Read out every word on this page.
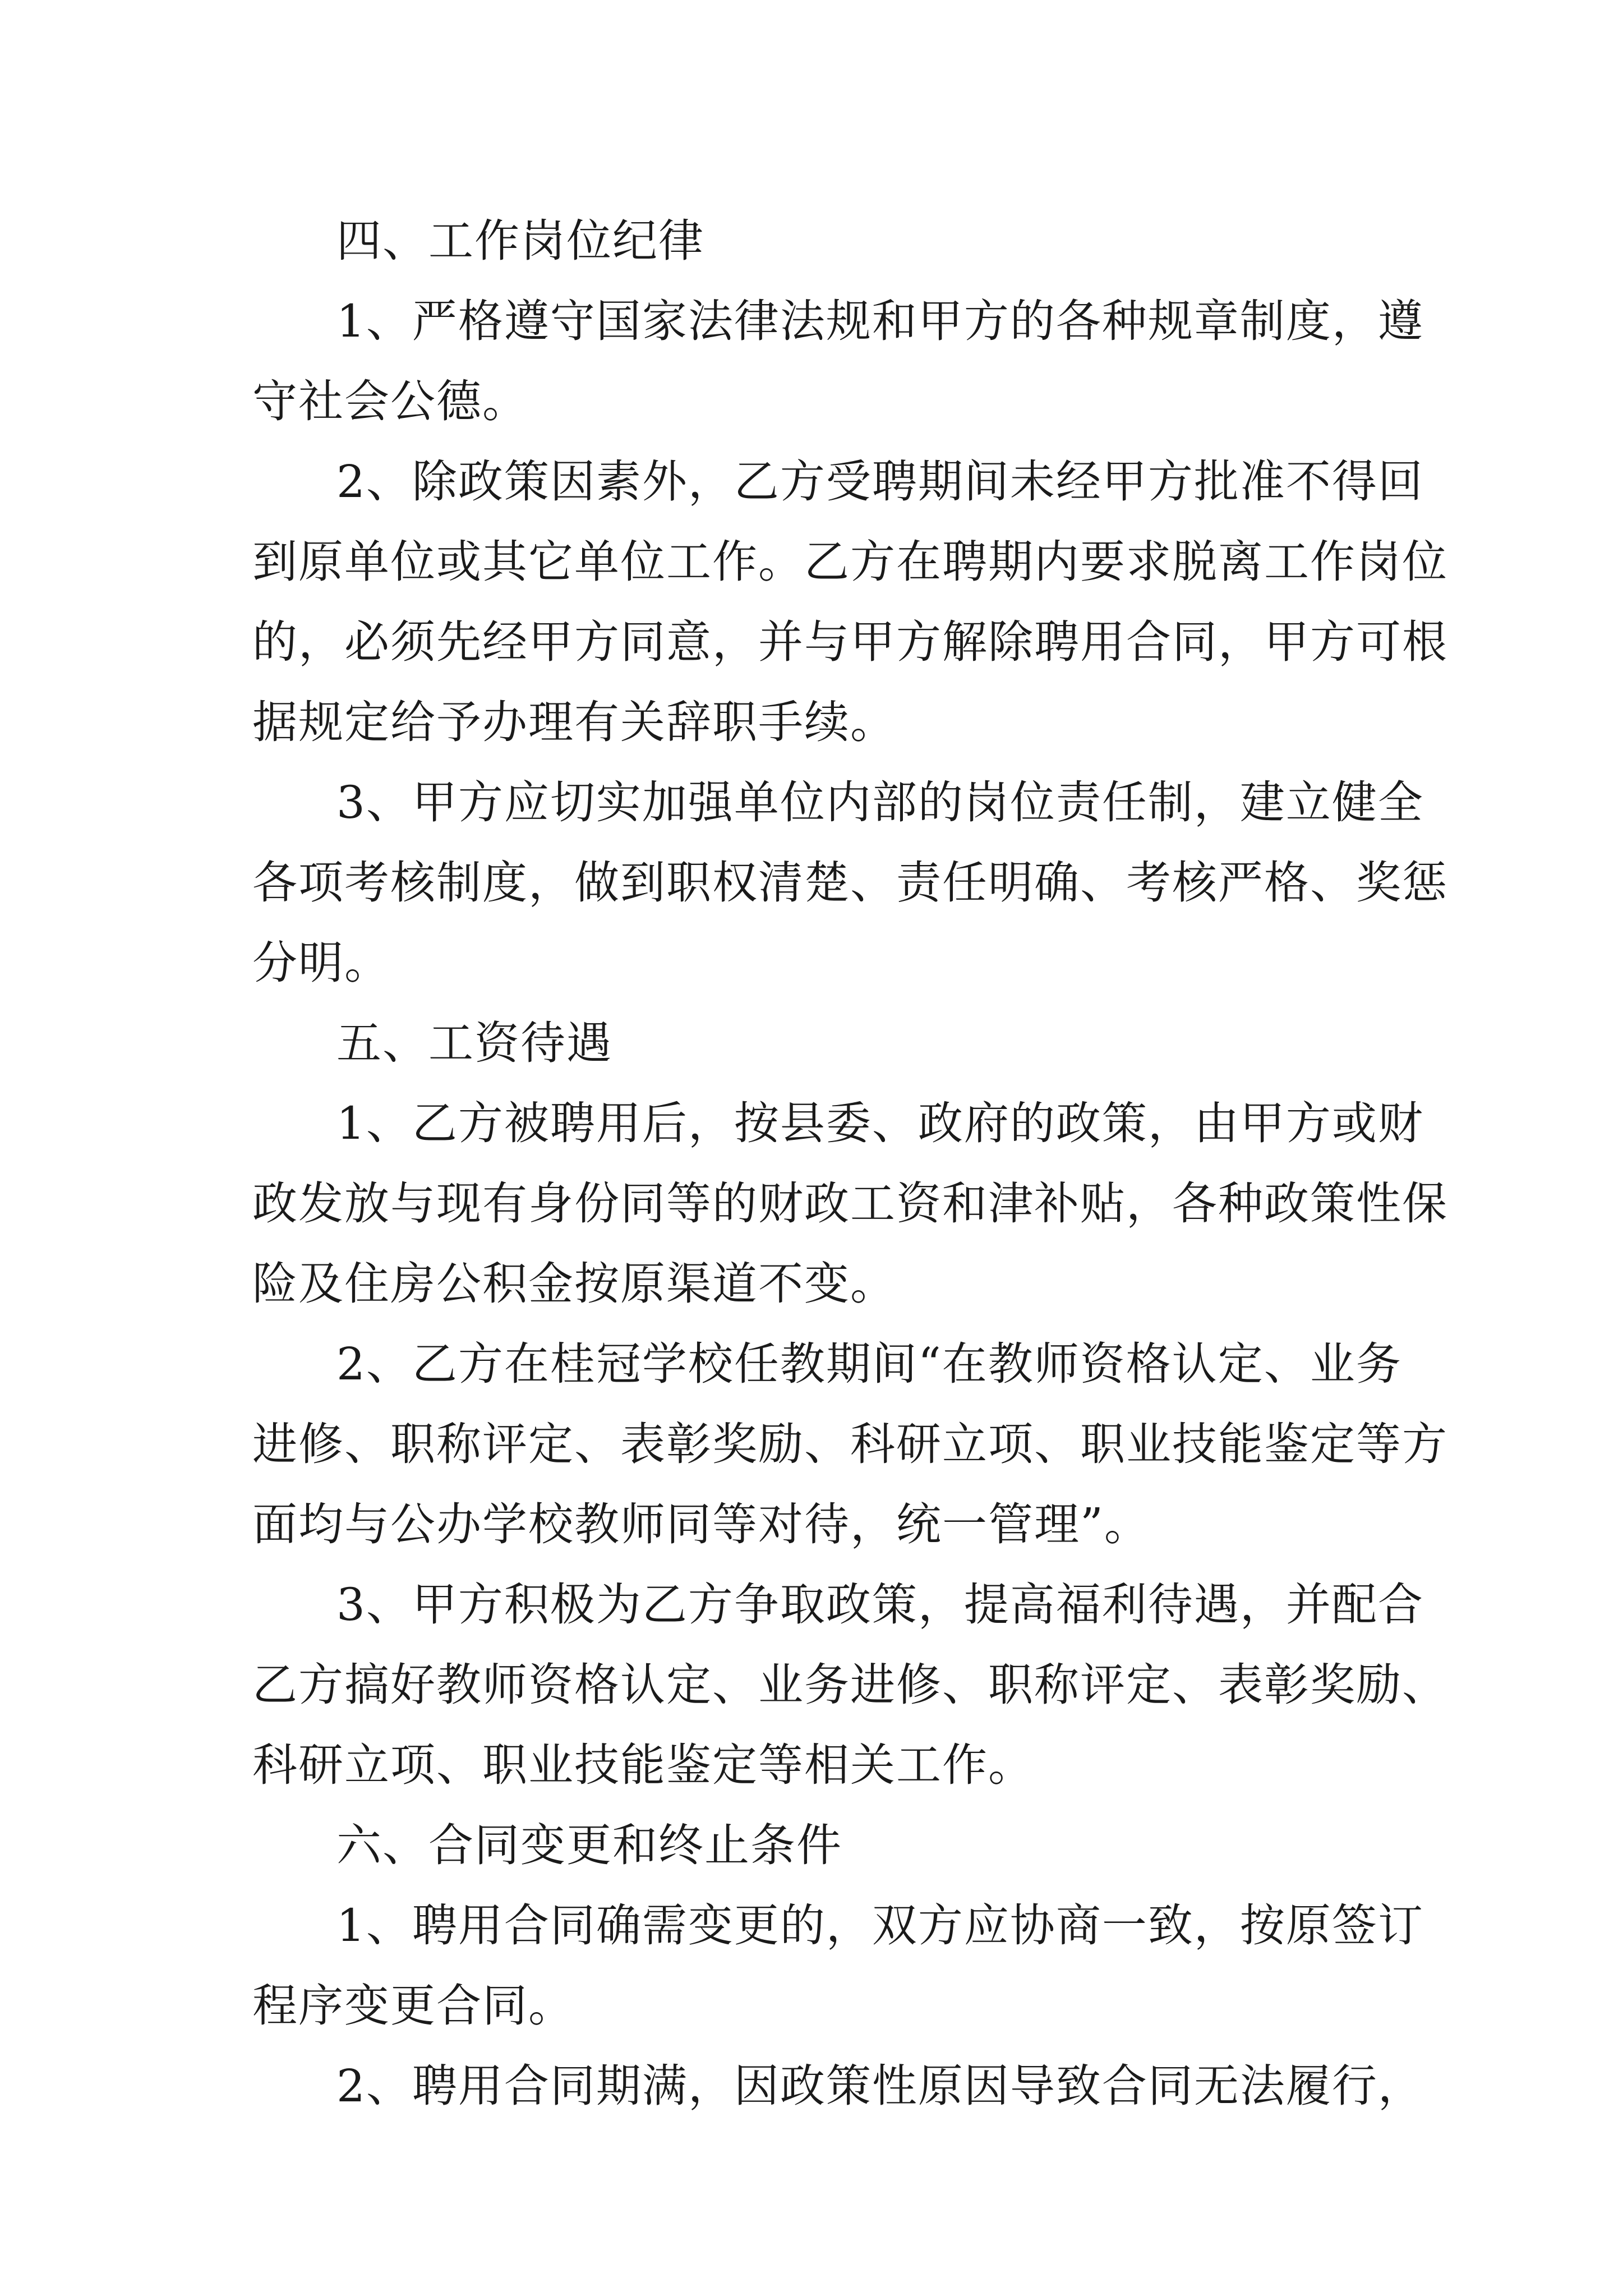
四、工作岗位纪律
1、严格遵守国家法律法规和甲方的各种规章制度，遵
守社会公德。
2、除政策因素外，乙方受聘期间未经甲方批准不得回
到原单位或其它单位工作。乙方在聘期内要求脱离工作岗位
的，必须先经甲方同意，并与甲方解除聘用合同，甲方可根
据规定给予办理有关辞职手续。
3、甲方应切实加强单位内部的岗位责任制，建立健全
各项考核制度，做到职权清楚、责任明确、考核严格、奖惩
分明。
五、工资待遇
1、乙方被聘用后，按县委、政府的政策，由甲方或财
政发放与现有身份同等的财政工资和津补贴，各种政策性保
险及住房公积金按原渠道不变。
2、乙方在桂冠学校任教期间“在教师资格认定、业务
进修、职称评定、表彰奖励、科研立项、职业技能鉴定等方
面均与公办学校教师同等对待，统一管理”。
3、甲方积极为乙方争取政策，提高福利待遇，并配合
乙方搞好教师资格认定、业务进修、职称评定、表彰奖励、
科研立项、职业技能鉴定等相关工作。
六、合同变更和终止条件
1、聘用合同确需变更的，双方应协商一致，按原签订
程序变更合同。
2、聘用合同期满，因政策性原因导致合同无法履行，
